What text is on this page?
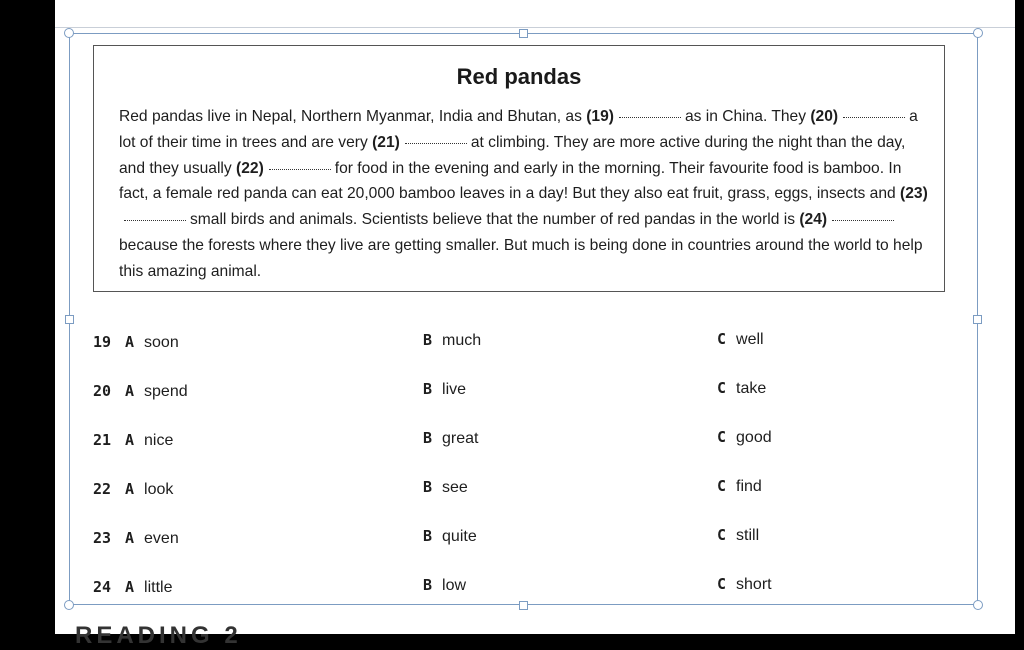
Red pandas
Red pandas live in Nepal, Northern Myanmar, India and Bhutan, as (19)	as in China. They (20)	a lot of their time in trees and are very (21)	at climbing. They are more active during the night than the day, and they usually (22)	for food in the evening and early in the morning. Their favourite food is bamboo. In fact, a female red panda can eat 20,000 bamboo leaves in a day! But they also eat fruit, grass, eggs, insects and (23)small birds and animals. Scientists believe that the number of red pandas in the world is (24)because the forests where they live are getting smaller. But much is being done in countries around the world to help this amazing animal.
19 A soon	B much	C well
20 A spend	B live	C take
21 A nice	B great	C good
22 A look	B see	C find
23 A even	B quite	C still
24 A little	B low	C short
READING 2
